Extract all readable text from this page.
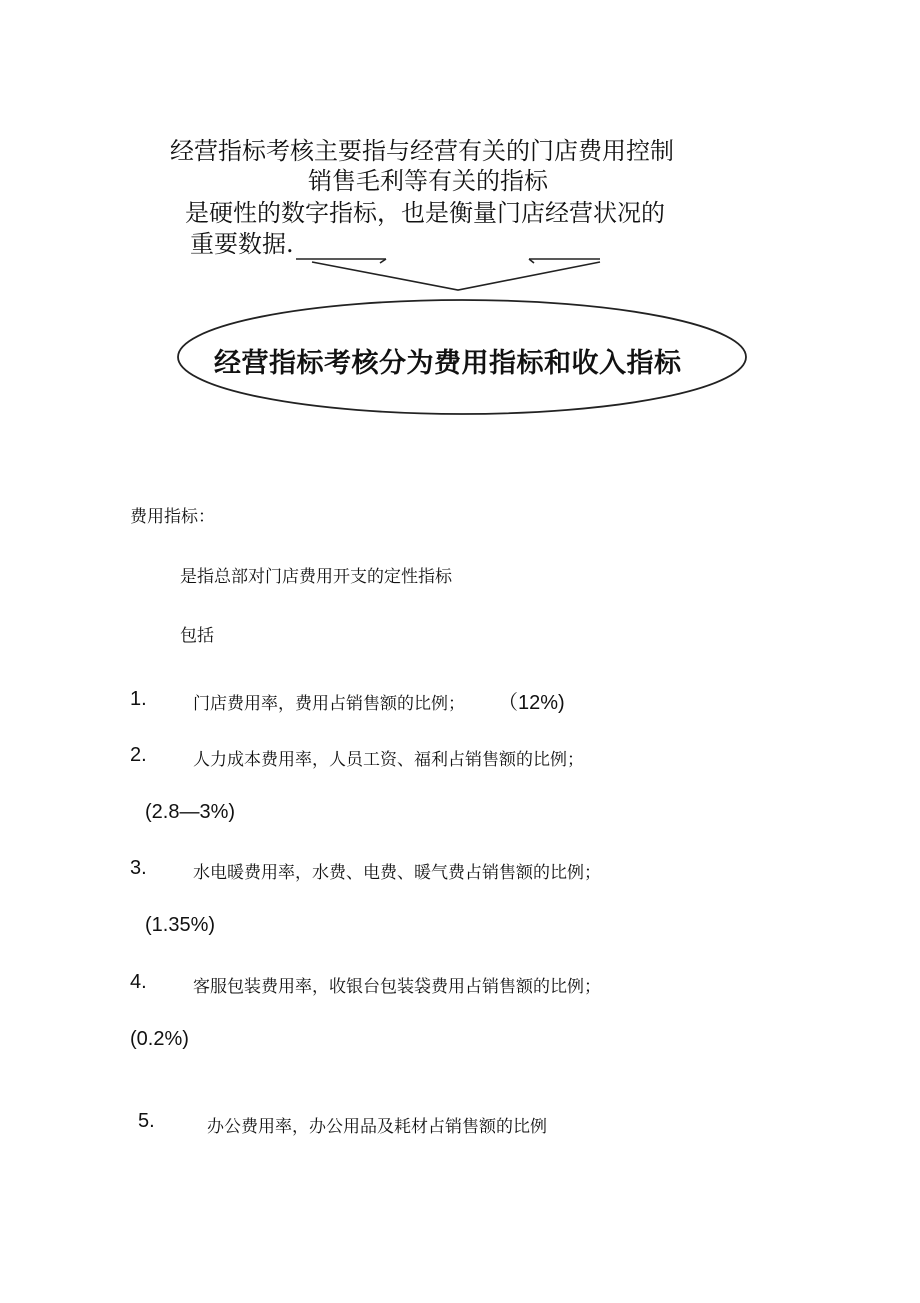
经营指标考核主要指与经营有关的门店费用控制
销售毛利等有关的指标
是硬性的数字指标，也是衡量门店经营状况的
重要数据.
经营指标考核分为费用指标和收入指标
费用指标：
是指总部对门店费用开支的定性指标
包括
1.	门店费用率，费用占销售额的比例； （12%)
2.	人力成本费用率，人员工资、福利占销售额的比例；
(2.8—3%)
3.	水电暖费用率，水费、电费、暖气费占销售额的比例；
(1.35%)
4.	客服包装费用率，收银台包装袋费用占销售额的比例；
(0.2%)
5.	办公费用率，办公用品及耗材占销售额的比例
